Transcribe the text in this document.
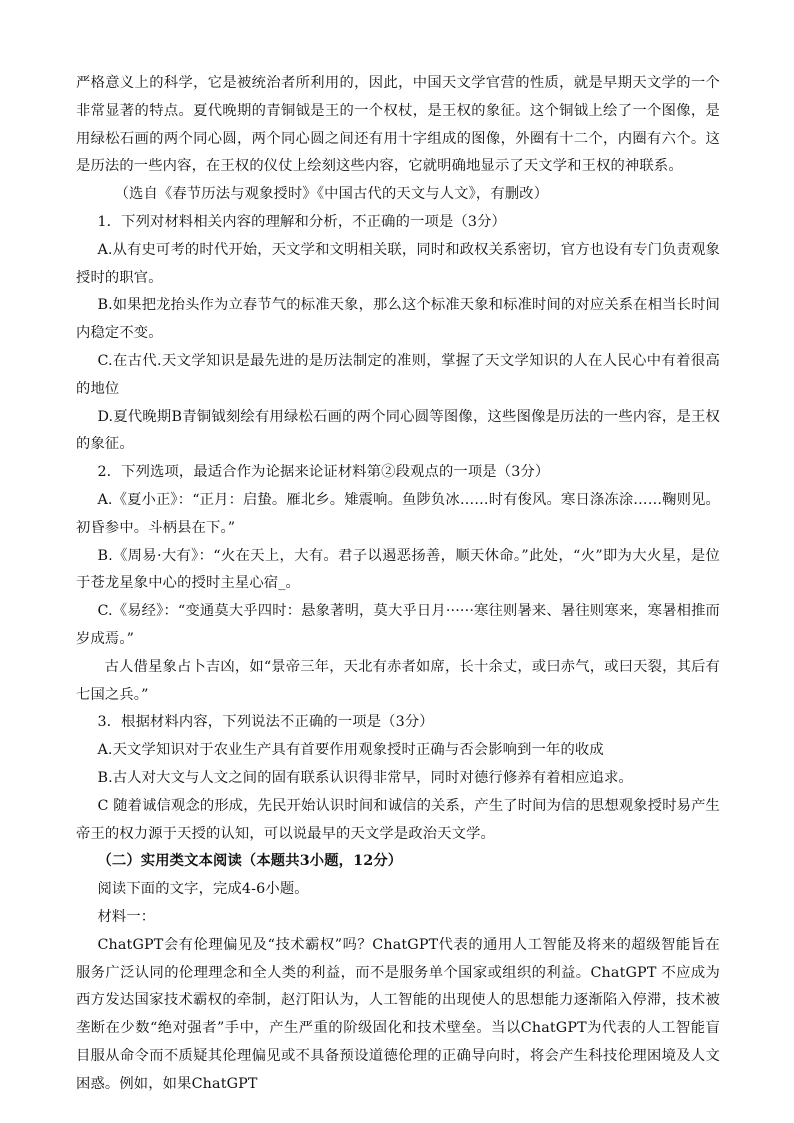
严格意义上的科学，它是被统治者所利用的，因此，中国天文学官营的性质，就是早期天文学的一个非常显著的特点。夏代晚期的青铜钺是王的一个权杖，是王权的象征。这个铜钺上绘了一个图像，是用绿松石画的两个同心圆，两个同心圆之间还有用十字组成的图像，外圈有十二个，内圈有六个。这是历法的一些内容，在王权的仪仗上绘刻这些内容，它就明确地显示了天文学和王权的神联系。

（选自《春节历法与观象授时》《中国古代的天文与人文》，有删改）

1．下列对材料相关内容的理解和分析，不正确的一项是（3分）

A.从有史可考的时代开始，天文学和文明相关联，同时和政权关系密切，官方也设有专门负责观象授时的职官。

B.如果把龙抬头作为立春节气的标准天象，那么这个标准天象和标准时间的对应关系在相当长时间内稳定不变。

C.在古代.天文学知识是最先进的是历法制定的准则，掌握了天文学知识的人在人民心中有着很高的地位

D.夏代晚期B青铜钺刻绘有用绿松石画的两个同心圆等图像，这些图像是历法的一些内容，是王权的象征。

2．下列选项，最适合作为论据来论证材料第②段观点的一项是（3分）

A.《夏小正》：“正月：启蛰。雁北乡。雉震响。鱼陟负冰……时有俊风。寒日涤冻涂……鞠则见。初昏参中。斗柄县在下。”

B.《周易·大有》：“火在天上，大有。君子以遏恶扬善，顺天休命。”此处，“火”即为大火星，是位于苍龙星象中心的授时主星心宿_。

C.《易经》：“变通莫大乎四时：悬象著明，莫大乎日月······寒往则暑来、暑往则寒来，寒暑相推而岁成焉。”

古人借星象占卜吉凶，如“景帝三年，天北有赤者如席，长十余丈，或曰赤气，或曰天裂，其后有七国之兵。”

3．根据材料内容，下列说法不正确的一项是（3分）

A.天文学知识对于农业生产具有首要作用观象授时正确与否会影响到一年的收成

B.古人对大文与人文之间的固有联系认识得非常早，同时对德行修养有着相应追求。

C 随着诚信观念的形成，先民开始认识时间和诚信的关系，产生了时间为信的思想观象授时易产生帝王的权力源于天授的认知，可以说最早的天文学是政治天文学。

（二）实用类文本阅读（本题共3小题，12分）

阅读下面的文字，完成4-6小题。

材料一：

ChatGPT会有伦理偏见及“技术霸权”吗？ChatGPT代表的通用人工智能及将来的超级智能旨在服务广泛认同的伦理理念和全人类的利益，而不是服务单个国家或组织的利益。ChatGPT 不应成为西方发达国家技术霸权的牵制，赵汀阳认为，人工智能的出现使人的思想能力逐渐陷入停滞，技术被垄断在少数“绝对强者”手中，产生严重的阶级固化和技术壁垒。当以ChatGPT为代表的人工智能盲目服从命令而不质疑其伦理偏见或不具备预设道德伦理的正确导向时，将会产生科技伦理困境及人文困惑。例如，如果ChatGPT
